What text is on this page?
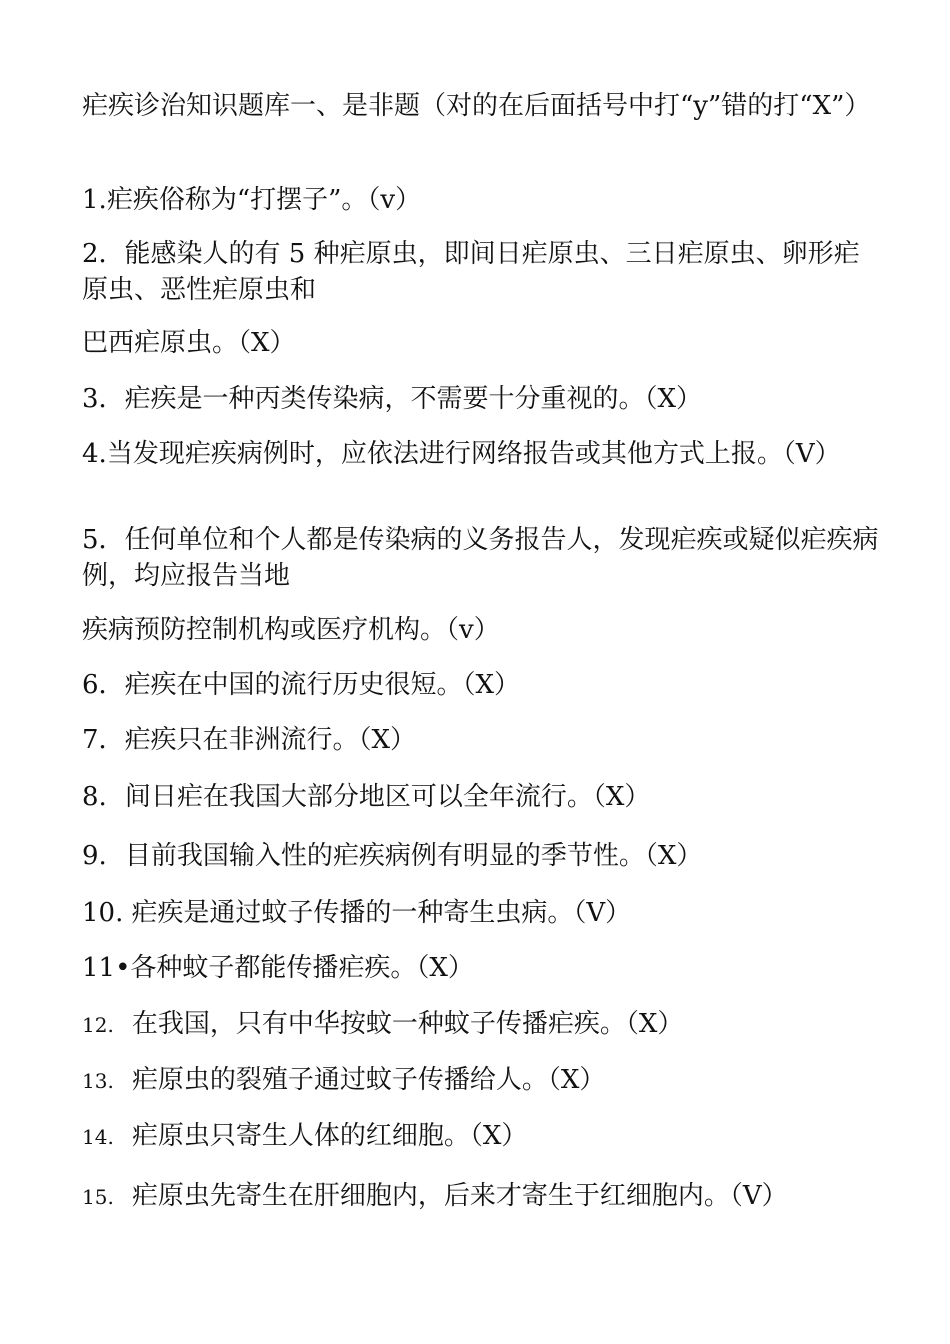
疟疾诊治知识题库一、是非题（对的在后面括号中打“y”错的打“X”）
1.疟疾俗称为“打摆子”。（v）
2．能感染人的有 5 种疟原虫，即间日疟原虫、三日疟原虫、卵形疟原虫、恶性疟原虫和
巴西疟原虫。（X）
3．疟疾是一种丙类传染病，不需要十分重视的。（X）
4.当发现疟疾病例时，应依法进行网络报告或其他方式上报。（V）
5．任何单位和个人都是传染病的义务报告人，发现疟疾或疑似疟疾病例，均应报告当地
疾病预防控制机构或医疗机构。（v）
6．疟疾在中国的流行历史很短。（X）
7．疟疾只在非洲流行。（X）
8. 间日疟在我国大部分地区可以全年流行。（X）
9. 目前我国输入性的疟疾病例有明显的季节性。（X）
10. 疟疾是通过蚊子传播的一种寄生虫病。（V）
11•各种蚊子都能传播疟疾。（X）
12. 在我国，只有中华按蚊一种蚊子传播疟疾。（X）
13. 疟原虫的裂殖子通过蚊子传播给人。（X）
14. 疟原虫只寄生人体的红细胞。（X）
15. 疟原虫先寄生在肝细胞内，后来才寄生于红细胞内。（V）
